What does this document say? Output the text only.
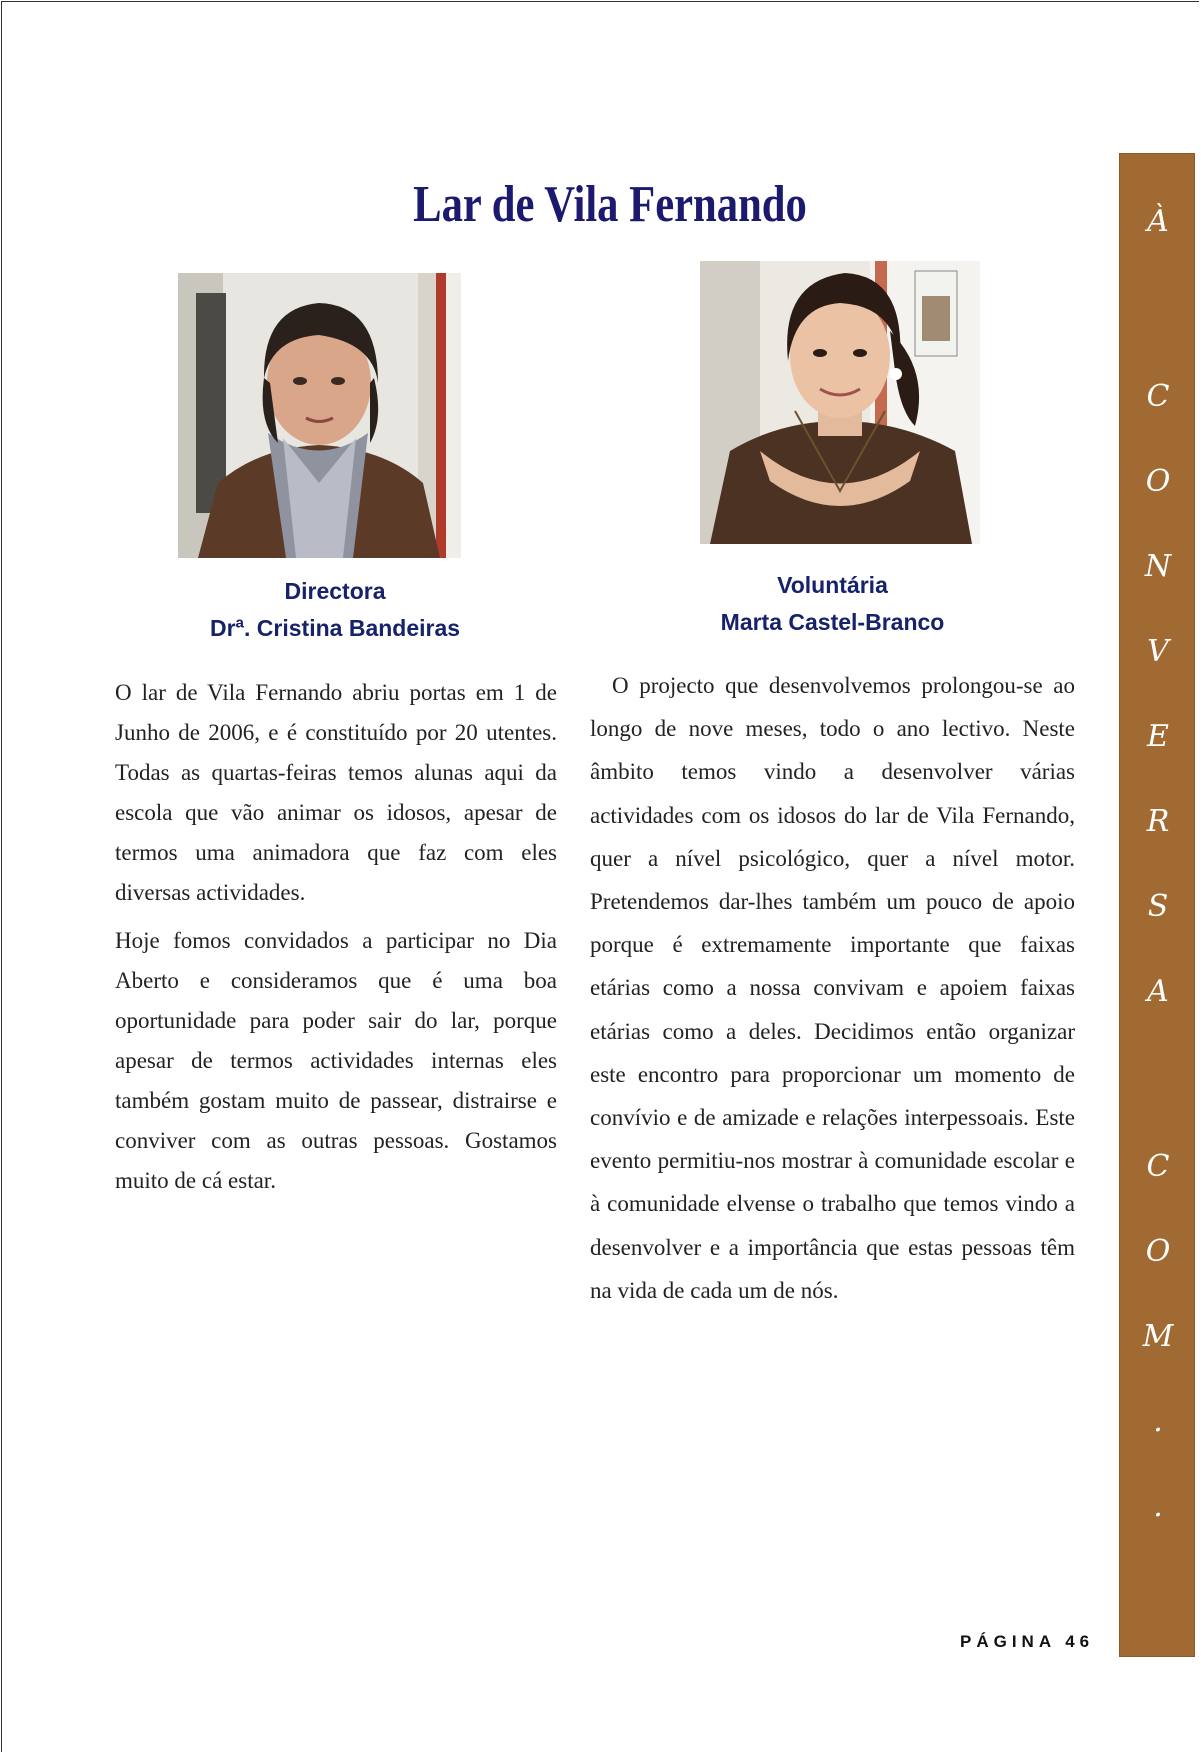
Lar de Vila Fernando
Directora
Drª. Cristina Bandeiras
Voluntária
Marta Castel-Branco

O lar de Vila Fernando abriu portas em 1 de Junho de 2006, e é constituído por 20 utentes. Todas as quartas-feiras temos alunas aqui da escola que vão animar os idosos, apesar de termos uma animadora que faz com eles diversas actividades.

Hoje fomos convidados a participar no Dia Aberto e consideramos que é uma boa oportunidade para poder sair do lar, porque apesar de termos actividades internas eles também gostam muito de passear, distrairse e conviver com as outras pessoas. Gostamos muito de cá estar.

O projecto que desenvolvemos prolongou-se ao longo de nove meses, todo o ano lectivo. Neste âmbito temos vindo a desenvolver várias actividades com os idosos do lar de Vila Fernando, quer a nível psicológico, quer a nível motor. Pretendemos dar-lhes também um pouco de apoio porque é extremamente importante que faixas etárias como a nossa convivam e apoiem faixas etárias como a deles. Decidimos então organizar este encontro para proporcionar um momento de convívio e de amizade e relações interpessoais. Este evento permitiu-nos mostrar à comunidade escolar e à comunidade elvense o trabalho que temos vindo a desenvolver e a importância que estas pessoas têm na vida de cada um de nós.

À
C
O
N
V
E
R
S
A
C
O
M
.
.
PÁGINA 46
